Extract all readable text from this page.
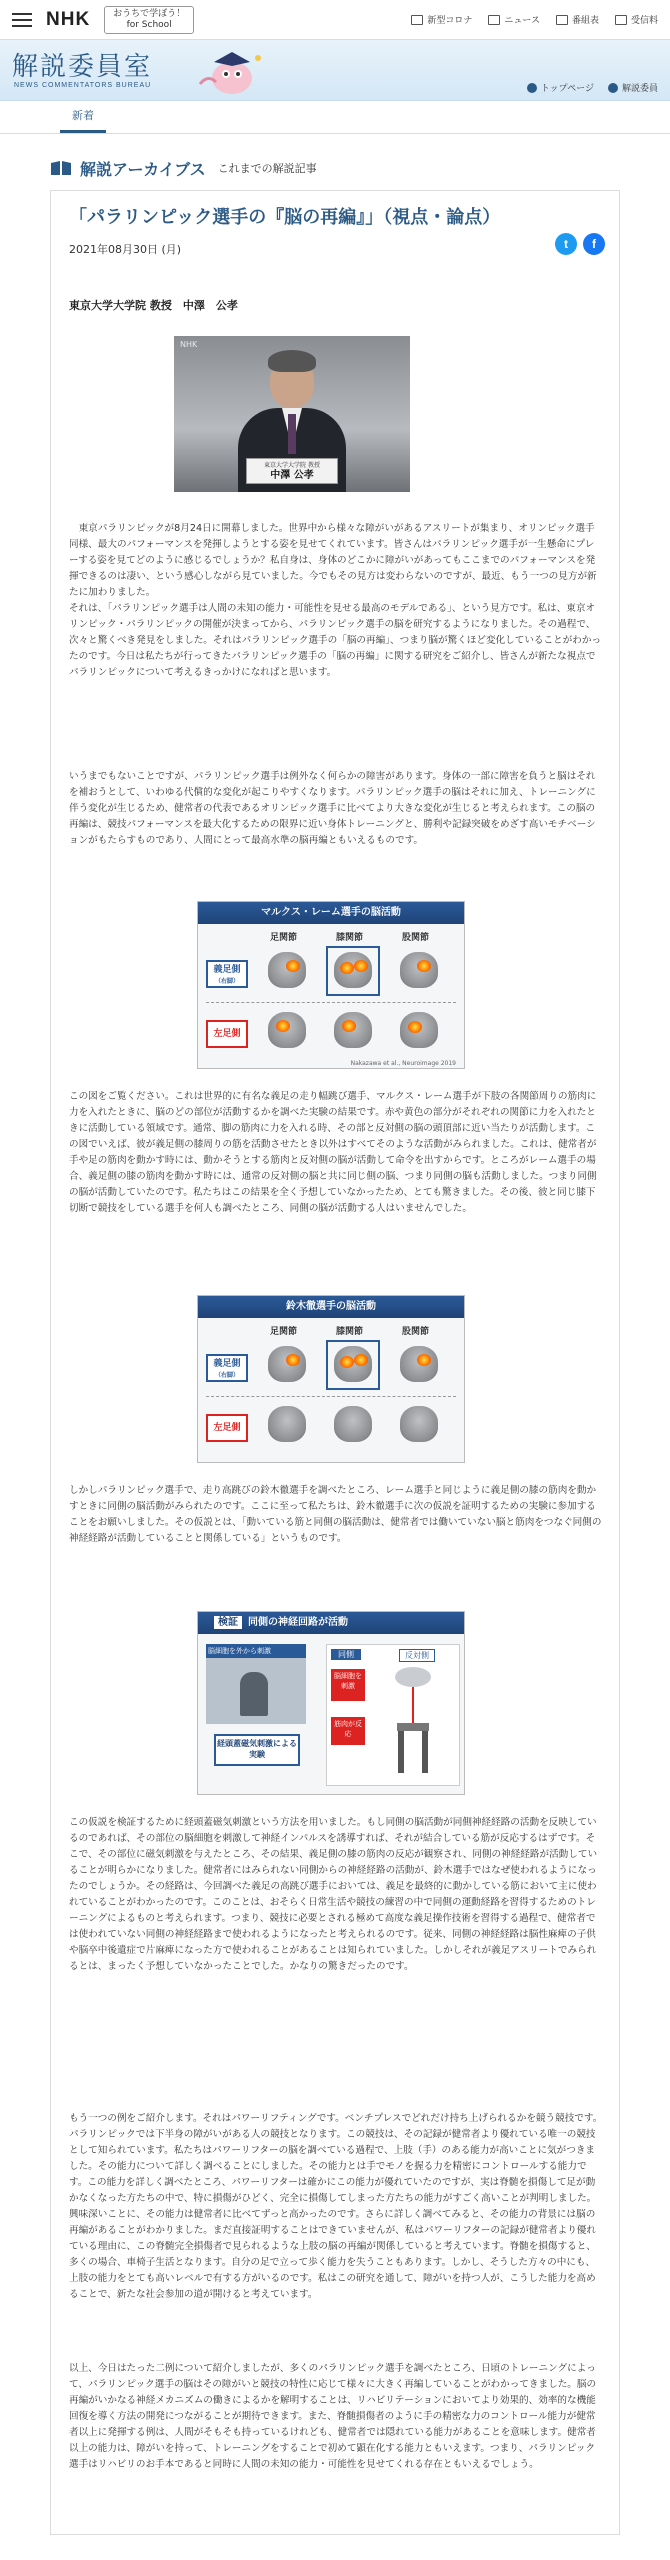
NHK	おうちで学ぼう！
for School	新型コロナ	ニュース	番組表	受信料
解説委員室
NEWS COMMENTATORS BUREAU	トップページ	解説委員
新着
解説アーカイブス これまでの解説記事
「パラリンピック選手の『脳の再編』」（視点・論点）
2021年08月30日 (月)	t	f
東京大学大学院 教授　中澤　公孝
NHK
東京大学大学院 教授
中澤 公孝

　東京パラリンピックが8月24日に開幕しました。世界中から様々な障がいがあるアスリートが集まり、オリンピック選手同様、最大のパフォーマンスを発揮しようとする姿を見せてくれています。皆さんはパラリンピック選手が一生懸命にプレーする姿を見てどのように感じるでしょうか？私自身は、身体のどこかに障がいがあってもここまでのパフォーマンスを発揮できるのは凄い、という感心しながら見ていました。今でもその見方は変わらないのですが、最近、もう一つの見方が新たに加わりました。
それは、「パラリンピック選手は人間の未知の能力・可能性を見せる最高のモデルである」、という見方です。私は、東京オリンピック・パラリンピックの開催が決まってから、パラリンピック選手の脳を研究するようになりました。その過程で、次々と驚くべき発見をしました。それはパラリンピック選手の「脳の再編」、つまり脳が驚くほど変化していることがわかったのです。今日は私たちが行ってきたパラリンピック選手の「脳の再編」に関する研究をご紹介し、皆さんが新たな視点でパラリンピックについて考えるきっかけになればと思います。

いうまでもないことですが、パラリンピック選手は例外なく何らかの障害があります。身体の一部に障害を負うと脳はそれを補おうとして、いわゆる代償的な変化が起こりやすくなります。パラリンピック選手の脳はそれに加え、トレーニングに伴う変化が生じるため、健常者の代表であるオリンピック選手に比べてより大きな変化が生じると考えられます。この脳の再編は、競技パフォーマンスを最大化するための限界に近い身体トレーニングと、勝利や記録突破をめざす高いモチベーションがもたらすものであり、人間にとって最高水準の脳再編ともいえるものです。

マルクス・レーム選手の脳活動
足関節	膝関節	股関節
義足側
（右脚）
左足側
Nakazawa et al., Neuroimage 2019

この図をご覧ください。これは世界的に有名な義足の走り幅跳び選手、マルクス・レーム選手が下肢の各関節周りの筋肉に力を入れたときに、脳のどの部位が活動するかを調べた実験の結果です。赤や黄色の部分がそれぞれの関節に力を入れたときに活動している領域です。通常、脚の筋肉に力を入れる時、その部と反対側の脳の頭頂部に近い当たりが活動します。この図でいえば、彼が義足側の膝周りの筋を活動させたとき以外はすべてそのような活動がみられました。これは、健常者が手や足の筋肉を動かす時には、動かそうとする筋肉と反対側の脳が活動して命令を出すからです。ところがレーム選手の場合、義足側の膝の筋肉を動かす時には、通常の反対側の脳と共に同じ側の脳、つまり同側の脳も活動しました。つまり同側の脳が活動していたのです。私たちはこの結果を全く予想していなかったため、とても驚きました。その後、彼と同じ膝下切断で競技をしている選手を何人も調べたところ、同側の脳が活動する人はいませんでした。

鈴木徹選手の脳活動
足関節	膝関節	股関節
義足側
（右脚）
左足側

しかしパラリンピック選手で、走り高跳びの鈴木徹選手を調べたところ、レーム選手と同じように義足側の膝の筋肉を動かすときに同側の脳活動がみられたのです。ここに至って私たちは、鈴木徹選手に次の仮説を証明するための実験に参加することをお願いしました。その仮説とは、「動いている筋と同側の脳活動は、健常者では働いていない脳と筋肉をつなぐ同側の神経経路が活動していることと関係している」というものです。

検証 同側の神経回路が活動
脳細胞を外から刺激
経頭蓋磁気刺激による実験
同側	反対側
脳細胞を刺激
筋肉が反応

この仮説を検証するために経頭蓋磁気刺激という方法を用いました。もし同側の脳活動が同側神経経路の活動を反映しているのであれば、その部位の脳細胞を刺激して神経インパルスを誘導すれば、それが結合している筋が反応するはずです。そこで、その部位に磁気刺激を与えたところ、その結果、義足側の膝の筋肉の反応が観察され、同側の神経経路が活動していることが明らかになりました。健常者にはみられない同側からの神経経路の活動が、鈴木選手ではなぜ使われるようになったのでしょうか。その経路は、今回調べた義足の高跳び選手においては、義足を最終的に動かしている筋において主に使われていることがわかったのです。このことは、おそらく日常生活や競技の練習の中で同側の運動経路を習得するためのトレーニングによるものと考えられます。つまり、競技に必要とされる極めて高度な義足操作技術を習得する過程で、健常者では使われていない同側の神経経路まで使われるようになったと考えられるのです。従来、同側の神経経路は脳性麻痺の子供や脳卒中後遺症で片麻痺になった方で使われることがあることは知られていました。しかしそれが義足アスリートでみられるとは、まったく予想していなかったことでした。かなりの驚きだったのです。

もう一つの例をご紹介します。それはパワーリフティングです。ベンチプレスでどれだけ持ち上げられるかを競う競技です。パラリンピックでは下半身の障がいがある人の競技となります。この競技は、その記録が健常者より優れている唯一の競技として知られています。私たちはパワーリフターの脳を調べている過程で、上肢（手）のある能力が高いことに気がつきました。その能力について詳しく調べることにしました。その能力とは手でモノを握る力を精密にコントロールする能力です。この能力を詳しく調べたところ、パワーリフターは確かにこの能力が優れていたのですが、実は脊髄を損傷して足が動かなくなった方たちの中で、特に損傷がひどく、完全に損傷してしまった方たちの能力がすごく高いことが判明しました。興味深いことに、その能力は健常者に比べてずっと高かったのです。さらに詳しく調べてみると、その能力の背景には脳の再編があることがわかりました。まだ直接証明することはできていませんが、私はパワーリフターの記録が健常者より優れている理由に、この脊髄完全損傷者で見られるような上肢の脳の再編が関係していると考えています。脊髄を損傷すると、多くの場合、車椅子生活となります。自分の足で立って歩く能力を失うこともあります。しかし、そうした方々の中にも、上肢の能力をとても高いレベルで有する方がいるのです。私はこの研究を通して、障がいを持つ人が、こうした能力を高めることで、新たな社会参加の道が開けると考えています。

以上、今日はたった二例について紹介しましたが、多くのパラリンピック選手を調べたところ、日頃のトレーニングによって、パラリンピック選手の脳はその障がいと競技の特性に応じて様々に大きく再編していることがわかってきました。脳の再編がいかなる神経メカニズムの働きによるかを解明することは、リハビリテーションにおいてより効果的、効率的な機能回復を導く方法の開発につながることが期待できます。また、脊髄損傷者のように手の精密な力のコントロール能力が健常者以上に発揮する例は、人間がそもそも持っているけれども、健常者では隠れている能力があることを意味します。健常者以上の能力は、障がいを持って、トレーニングをすることで初めて顕在化する能力ともいえます。つまり、パラリンピック選手はリハビリのお手本であると同時に人間の未知の能力・可能性を見せてくれる存在ともいえるでしょう。
